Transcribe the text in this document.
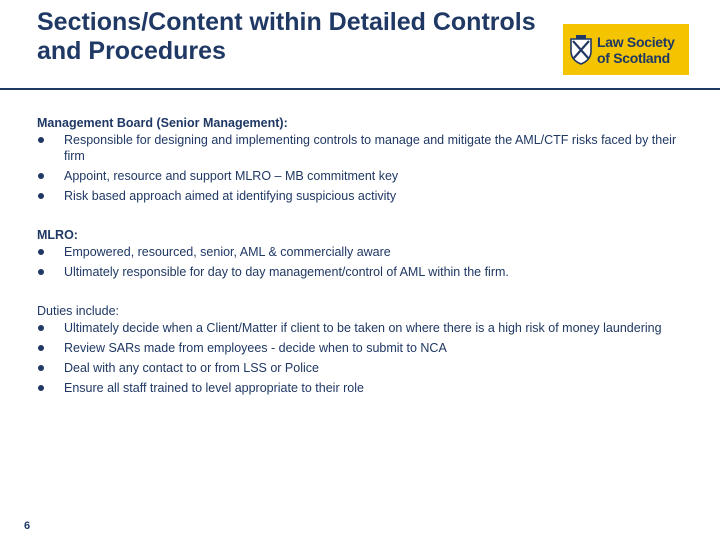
Sections/Content within Detailed Controls and Procedures	Law Society
of Scotland
Management Board (Senior Management):
Responsible for designing and implementing controls to manage and mitigate the AML/CTF risks faced by their firm
Appoint, resource and support MLRO – MB commitment key
Risk based approach aimed at identifying suspicious activity
MLRO:
Empowered, resourced, senior, AML & commercially aware
Ultimately responsible for day to day management/control of AML within the firm.
Duties include:
Ultimately decide when a Client/Matter if client to be taken on where there is a high risk of money laundering
Review SARs made from employees - decide when to submit to NCA
Deal with any contact to or from LSS or Police
Ensure all staff trained to level appropriate to their role
6
